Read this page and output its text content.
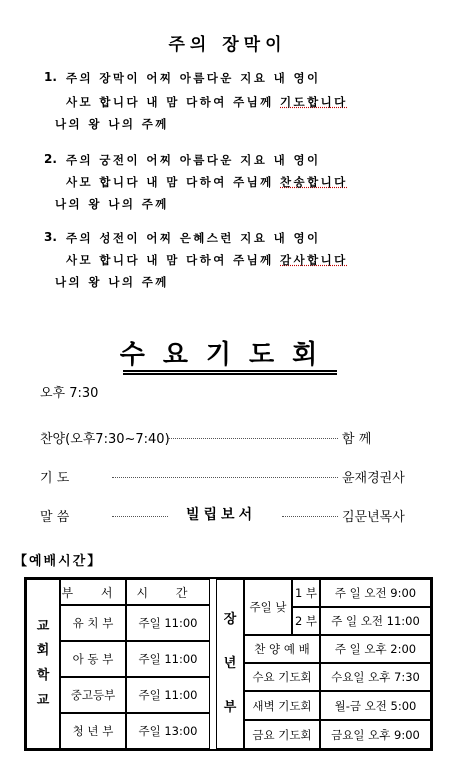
주의 장막이
1. 주의 장막이 어찌 아름다운 지요 내 영이
사모 합니다 내 맘 다하여 주님께 기도합니다
나의 왕 나의 주께
2. 주의 궁전이 어찌 아름다운 지요 내 영이
사모 합니다 내 맘 다하여 주님께 찬송합니다
나의 왕 나의 주께
3. 주의 성전이 어찌 은혜스런 지요 내 영이
사모 합니다 내 맘 다하여 주님께 감사합니다
나의 왕 나의 주께
수요기도회
오후 7:30
찬양(오후7:30~7:40)	함 께
기 도	윤재경권사
말 씀	빌립보서	김문년목사
【예배시간】
교
회
학
교
부 서	시 간
유 치 부	주일 11:00
아 동 부	주일 11:00
중고등부	주일 11:00
청 년 부	주일 13:00
장
년
부
주일 낮
1 부	주 일 오전 9:00
2 부	주 일 오전 11:00
찬 양 예 배	주 일 오후 2:00
수요 기도회	수요일 오후 7:30
새벽 기도회	월-금 오전 5:00
금요 기도회	금요일 오후 9:00
